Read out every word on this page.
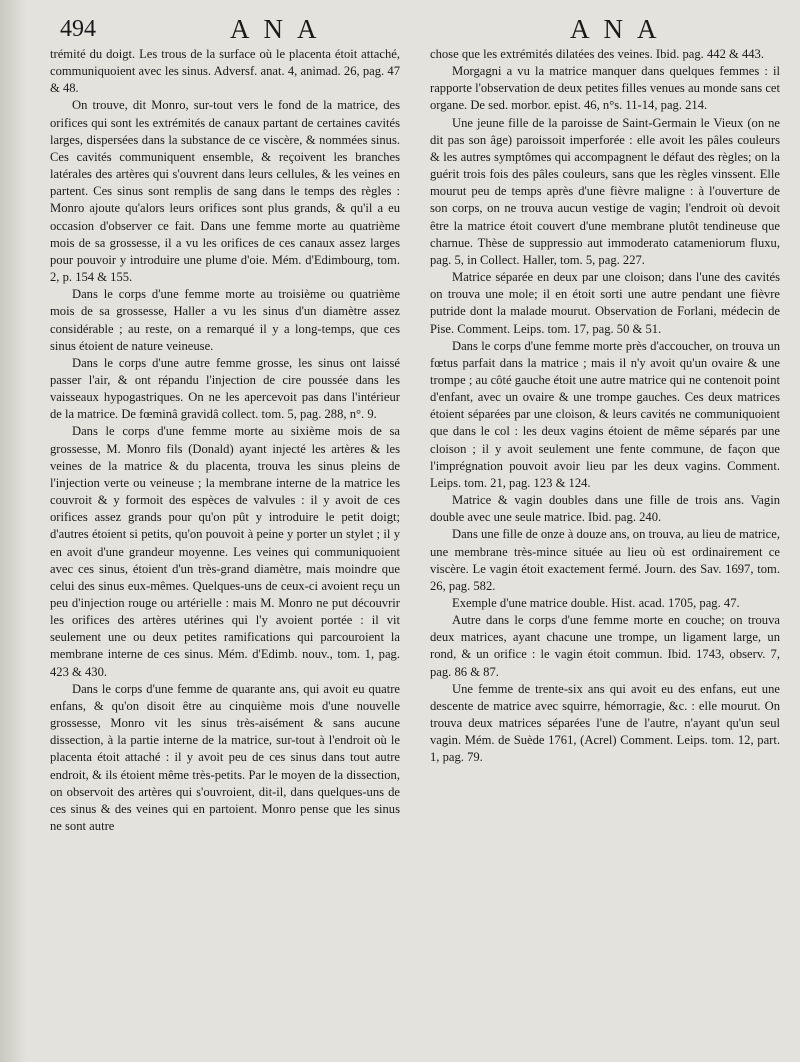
494	ANA	ANA

trémité du doigt. Les trous de la surface où le placenta étoit attaché, communiquoient avec les sinus. Adversf. anat. 4, animad. 26, pag. 47 & 48.

On trouve, dit Monro, sur-tout vers le fond de la matrice, des orifices qui sont les extrémités de canaux partant de certaines cavités larges, dispersées dans la substance de ce viscère, & nommées sinus. Ces cavités communiquent ensemble, & reçoivent les branches latérales des artères qui s'ouvrent dans leurs cellules, & les veines en partent. Ces sinus sont remplis de sang dans le temps des règles : Monro ajoute qu'alors leurs orifices sont plus grands, & qu'il a eu occasion d'observer ce fait. Dans une femme morte au quatrième mois de sa grossesse, il a vu les orifices de ces canaux assez larges pour pouvoir y introduire une plume d'oie. Mém. d'Edimbourg, tom. 2, p. 154 & 155.

Dans le corps d'une femme morte au troisième ou quatrième mois de sa grossesse, Haller a vu les sinus d'un diamètre assez considérable ; au reste, on a remarqué il y a long-temps, que ces sinus étoient de nature veineuse.

Dans le corps d'une autre femme grosse, les sinus ont laissé passer l'air, & ont répandu l'injection de cire poussée dans les vaisseaux hypogastriques. On ne les apercevoit pas dans l'intérieur de la matrice. De fœminâ gravidâ collect. tom. 5, pag. 288, n°. 9.

Dans le corps d'une femme morte au sixième mois de sa grossesse, M. Monro fils (Donald) ayant injecté les artères & les veines de la matrice & du placenta, trouva les sinus pleins de l'injection verte ou veineuse ; la membrane interne de la matrice les couvroit & y formoit des espèces de valvules : il y avoit de ces orifices assez grands pour qu'on pût y introduire le petit doigt; d'autres étoient si petits, qu'on pouvoit à peine y porter un stylet ; il y en avoit d'une grandeur moyenne. Les veines qui communiquoient avec ces sinus, étoient d'un très-grand diamètre, mais moindre que celui des sinus eux-mêmes. Quelques-uns de ceux-ci avoient reçu un peu d'injection rouge ou artérielle : mais M. Monro ne put découvrir les orifices des artères utérines qui l'y avoient portée : il vit seulement une ou deux petites ramifications qui parcouroient la membrane interne de ces sinus. Mém. d'Edimb. nouv., tom. 1, pag. 423 & 430.

Dans le corps d'une femme de quarante ans, qui avoit eu quatre enfans, & qu'on disoit être au cinquième mois d'une nouvelle grossesse, Monro vit les sinus très-aisément & sans aucune dissection, à la partie interne de la matrice, sur-tout à l'endroit où le placenta étoit attaché : il y avoit peu de ces sinus dans tout autre endroit, & ils étoient même très-petits. Par le moyen de la dissection, on observoit des artères qui s'ouvroient, dit-il, dans quelques-uns de ces sinus & des veines qui en partoient. Monro pense que les sinus ne sont autre

chose que les extrémités dilatées des veines. Ibid. pag. 442 & 443.

Morgagni a vu la matrice manquer dans quelques femmes : il rapporte l'observation de deux petites filles venues au monde sans cet organe. De sed. morbor. epist. 46, n°s. 11-14, pag. 214.

Une jeune fille de la paroisse de Saint-Germain le Vieux (on ne dit pas son âge) paroissoit imperforée : elle avoit les pâles couleurs & les autres symptômes qui accompagnent le défaut des règles; on la guérit trois fois des pâles couleurs, sans que les règles vinssent. Elle mourut peu de temps après d'une fièvre maligne : à l'ouverture de son corps, on ne trouva aucun vestige de vagin; l'endroit où devoit être la matrice étoit couvert d'une membrane plutôt tendineuse que charnue. Thèse de suppressio aut immoderato catameniorum fluxu, pag. 5, in Collect. Haller, tom. 5, pag. 227.

Matrice séparée en deux par une cloison; dans l'une des cavités on trouva une mole; il en étoit sorti une autre pendant une fièvre putride dont la malade mourut. Observation de Forlani, médecin de Pise. Comment. Leips. tom. 17, pag. 50 & 51.

Dans le corps d'une femme morte près d'accoucher, on trouva un fœtus parfait dans la matrice ; mais il n'y avoit qu'un ovaire & une trompe ; au côté gauche étoit une autre matrice qui ne contenoit point d'enfant, avec un ovaire & une trompe gauches. Ces deux matrices étoient séparées par une cloison, & leurs cavités ne communiquoient que dans le col : les deux vagins étoient de même séparés par une cloison ; il y avoit seulement une fente commune, de façon que l'imprégnation pouvoit avoir lieu par les deux vagins. Comment. Leips. tom. 21, pag. 123 & 124.

Matrice & vagin doubles dans une fille de trois ans. Vagin double avec une seule matrice. Ibid. pag. 240.

Dans une fille de onze à douze ans, on trouva, au lieu de matrice, une membrane très-mince située au lieu où est ordinairement ce viscère. Le vagin étoit exactement fermé. Journ. des Sav. 1697, tom. 26, pag. 582.

Exemple d'une matrice double. Hist. acad. 1705, pag. 47.

Autre dans le corps d'une femme morte en couche; on trouva deux matrices, ayant chacune une trompe, un ligament large, un rond, & un orifice : le vagin étoit commun. Ibid. 1743, observ. 7, pag. 86 & 87.

Une femme de trente-six ans qui avoit eu des enfans, eut une descente de matrice avec squirre, hémorragie, &c. : elle mourut. On trouva deux matrices séparées l'une de l'autre, n'ayant qu'un seul vagin. Mém. de Suède 1761, (Acrel) Comment. Leips. tom. 12, part. 1, pag. 79.
